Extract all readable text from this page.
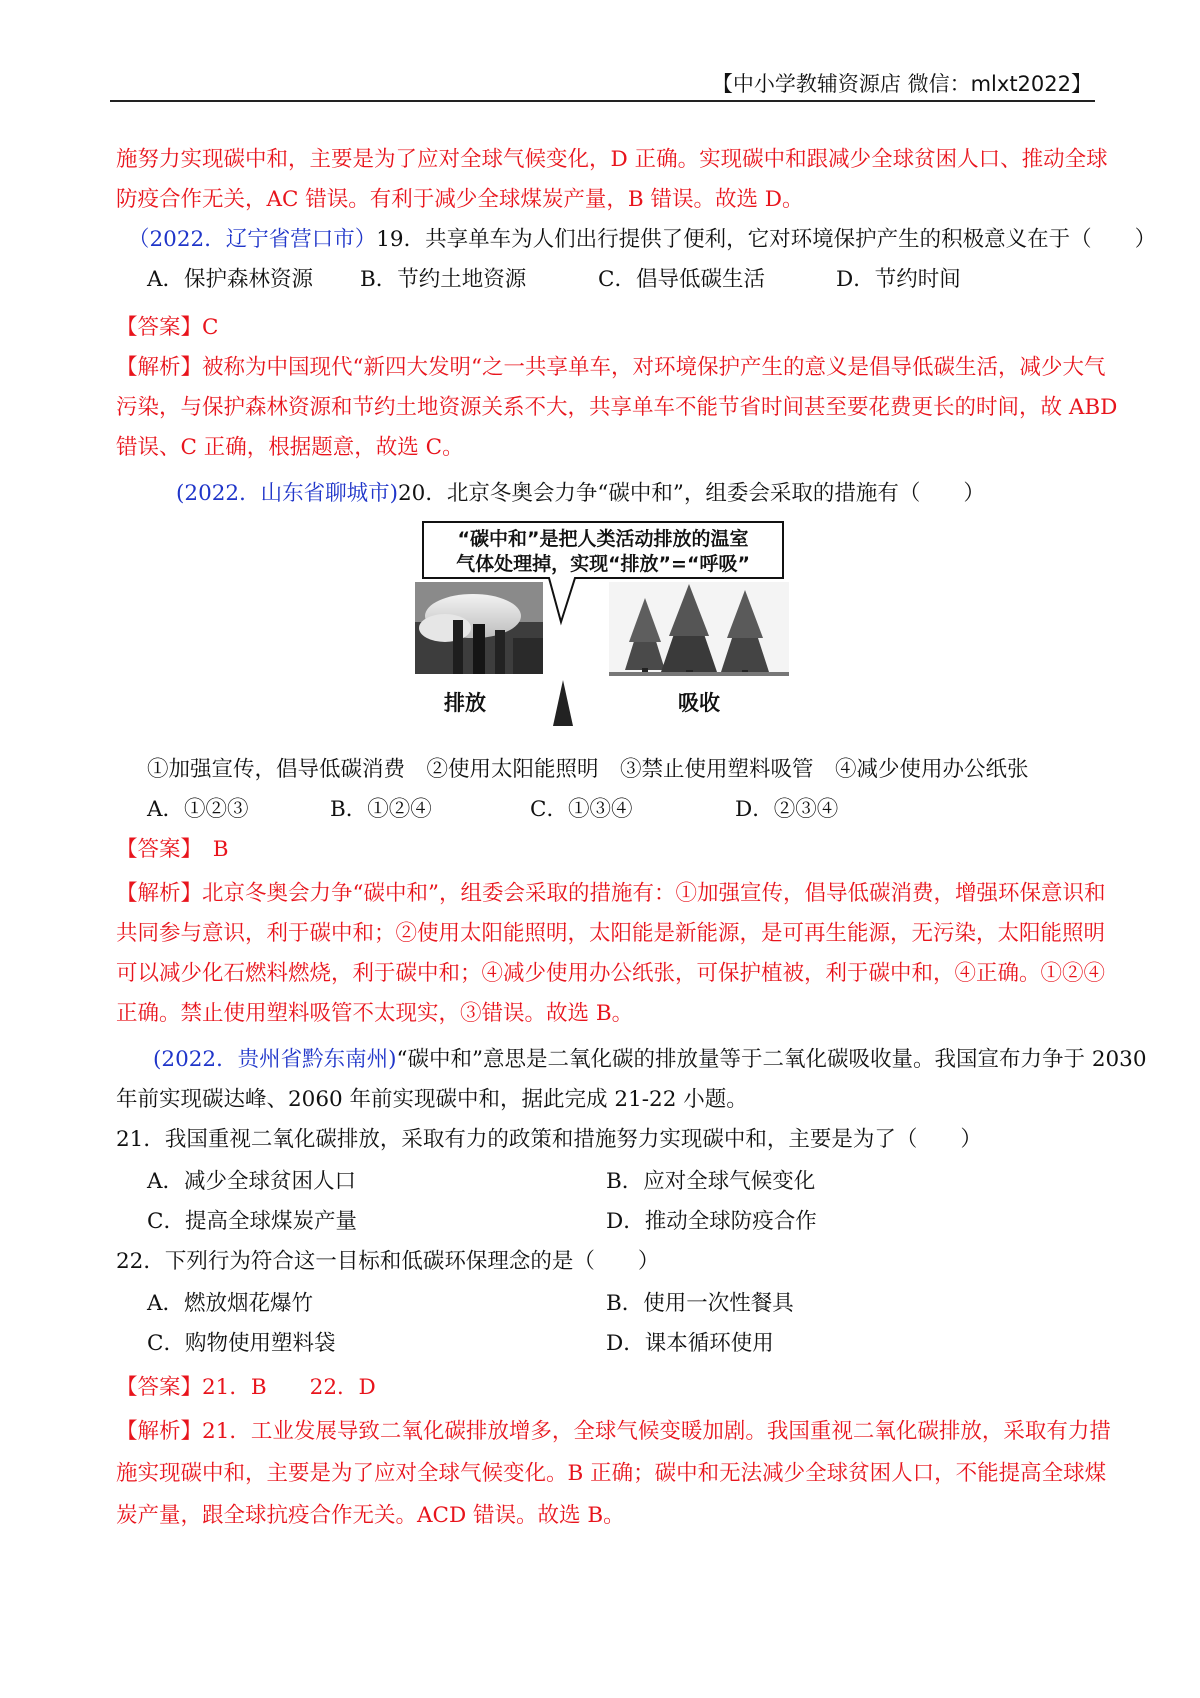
【中小学教辅资源店 微信：mlxt2022】
施努力实现碳中和，主要是为了应对全球气候变化，D 正确。实现碳中和跟减少全球贫困人口、推动全球
防疫合作无关，AC 错误。有利于减少全球煤炭产量，B 错误。故选 D。
（2022．辽宁省营口市）19．共享单车为人们出行提供了便利，它对环境保护产生的积极意义在于（　　）
A．保护森林资源 B．节约土地资源	C．倡导低碳生活	D．节约时间
【答案】C
【解析】被称为中国现代“新四大发明“之一共享单车，对环境保护产生的意义是倡导低碳生活，减少大气
污染，与保护森林资源和节约土地资源关系不大，共享单车不能节省时间甚至要花费更长的时间，故 ABD
错误、C 正确，根据题意，故选 C。
(2022．山东省聊城市)20．北京冬奥会力争“碳中和”，组委会采取的措施有（　　）
“碳中和”是把人类活动排放的温室
气体处理掉，实现“排放”=“呼吸”
排放	吸收
①加强宣传，倡导低碳消费　②使用太阳能照明　③禁止使用塑料吸管　④减少使用办公纸张
A．①②③	B．①②④	C．①③④	D．②③④
【答案】　B
【解析】北京冬奥会力争“碳中和”，组委会采取的措施有：①加强宣传，倡导低碳消费，增强环保意识和
共同参与意识，利于碳中和；②使用太阳能照明，太阳能是新能源，是可再生能源，无污染，太阳能照明
可以减少化石燃料燃烧，利于碳中和；④减少使用办公纸张，可保护植被，利于碳中和，④正确。①②④
正确。禁止使用塑料吸管不太现实，③错误。故选 B。
(2022．贵州省黔东南州)“碳中和”意思是二氧化碳的排放量等于二氧化碳吸收量。我国宣布力争于 2030
年前实现碳达峰、2060 年前实现碳中和，据此完成 21-22 小题。
21．我国重视二氧化碳排放，采取有力的政策和措施努力实现碳中和，主要是为了（　　）
A．减少全球贫困人口	B．应对全球气候变化
C．提高全球煤炭产量	D．推动全球防疫合作
22．下列行为符合这一目标和低碳环保理念的是（　　）
A．燃放烟花爆竹	B．使用一次性餐具
C．购物使用塑料袋	D．课本循环使用
【答案】21．B　　22．D
【解析】21．工业发展导致二氧化碳排放增多，全球气候变暖加剧。我国重视二氧化碳排放，采取有力措
施实现碳中和，主要是为了应对全球气候变化。B 正确；碳中和无法减少全球贫困人口，不能提高全球煤
炭产量，跟全球抗疫合作无关。ACD 错误。故选 B。
